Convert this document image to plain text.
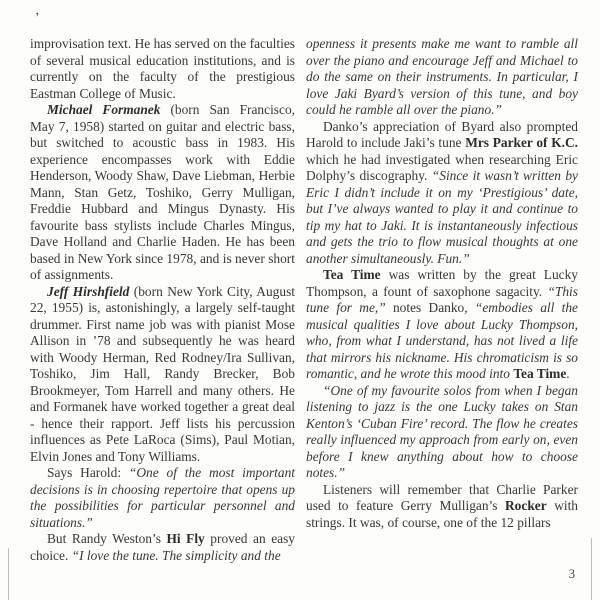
’

improvisation text. He has served on the faculties of several musical education institutions, and is currently on the faculty of the prestigious Eastman College of Music.

Michael Formanek (born San Francisco, May 7, 1958) started on guitar and electric bass, but switched to acoustic bass in 1983. His experience encompasses work with Eddie Henderson, Woody Shaw, Dave Liebman, Herbie Mann, Stan Getz, Toshiko, Gerry Mulligan, Freddie Hubbard and Mingus Dynasty. His favourite bass stylists include Charles Mingus, Dave Holland and Charlie Haden. He has been based in New York since 1978, and is never short of assignments.

Jeff Hirshfield (born New York City, August 22, 1955) is, astonishingly, a largely self-taught drummer. First name job was with pianist Mose Allison in ’78 and subsequently he was heard with Woody Herman, Red Rodney/Ira Sullivan, Toshiko, Jim Hall, Randy Brecker, Bob Brookmeyer, Tom Harrell and many others. He and Formanek have worked together a great deal - hence their rapport. Jeff lists his percussion influences as Pete LaRoca (Sims), Paul Motian, Elvin Jones and Tony Williams.

Says Harold: “One of the most important decisions is in choosing repertoire that opens up the possibilities for particular personnel and situations.”

But Randy Weston’s Hi Fly proved an easy choice. “I love the tune. The simplicity and the

openness it presents make me want to ramble all over the piano and encourage Jeff and Michael to do the same on their instruments. In particular, I love Jaki Byard’s version of this tune, and boy could he ramble all over the piano.”

Danko’s appreciation of Byard also prompted Harold to include Jaki’s tune Mrs Parker of K.C. which he had investigated when researching Eric Dolphy’s discography. “Since it wasn’t written by Eric I didn’t include it on my ‘Prestigious’ date, but I’ve always wanted to play it and continue to tip my hat to Jaki. It is instantaneously infectious and gets the trio to flow musical thoughts at one another simultaneously. Fun.”

Tea Time was written by the great Lucky Thompson, a fount of saxophone sagacity. “This tune for me,” notes Danko, “embodies all the musical qualities I love about Lucky Thompson, who, from what I understand, has not lived a life that mirrors his nickname. His chromaticism is so romantic, and he wrote this mood into Tea Time.

“One of my favourite solos from when I began listening to jazz is the one Lucky takes on Stan Kenton’s ‘Cuban Fire’ record. The flow he creates really influenced my approach from early on, even before I knew anything about how to choose notes.”

Listeners will remember that Charlie Parker used to feature Gerry Mulligan’s Rocker with strings. It was, of course, one of the 12 pillars

3
